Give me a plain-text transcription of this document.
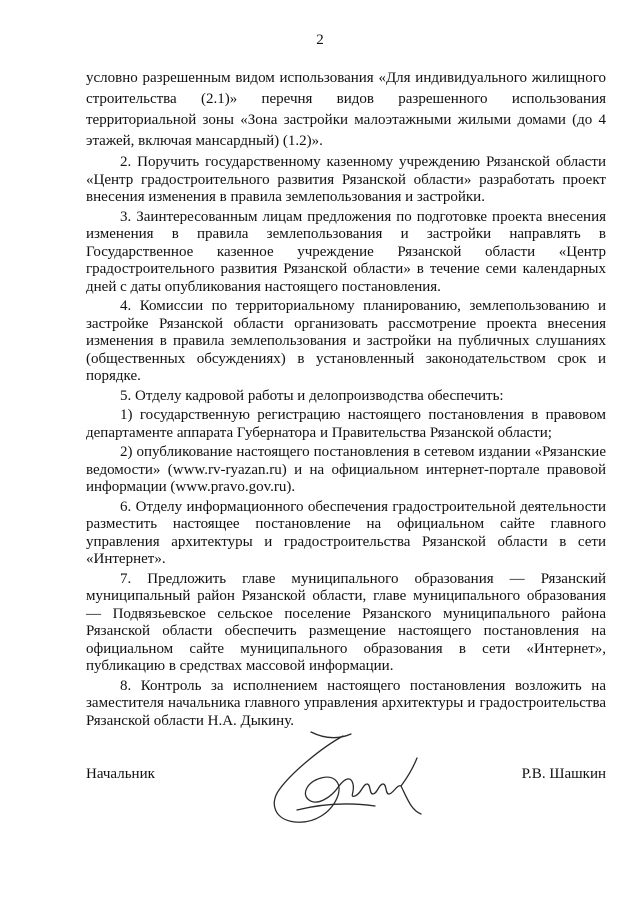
2

условно разрешенным видом использования «Для индивидуального жилищного строительства (2.1)» перечня видов разрешенного использования территориальной зоны «Зона застройки малоэтажными жилыми домами (до 4 этажей, включая мансардный) (1.2)».

2. Поручить государственному казенному учреждению Рязанской области «Центр градостроительного развития Рязанской области» разработать проект внесения изменения в правила землепользования и застройки.

3. Заинтересованным лицам предложения по подготовке проекта внесения изменения в правила землепользования и застройки направлять в Государственное казенное учреждение Рязанской области «Центр градостроительного развития Рязанской области» в течение семи календарных дней с даты опубликования настоящего постановления.

4. Комиссии по территориальному планированию, землепользованию и застройке Рязанской области организовать рассмотрение проекта внесения изменения в правила землепользования и застройки на публичных слушаниях (общественных обсуждениях) в установленный законодательством срок и порядке.

5. Отделу кадровой работы и делопроизводства обеспечить:

1) государственную регистрацию настоящего постановления в правовом департаменте аппарата Губернатора и Правительства Рязанской области;

2) опубликование настоящего постановления в сетевом издании «Рязанские ведомости» (www.rv-ryazan.ru) и на официальном интернет-портале правовой информации (www.pravo.gov.ru).

6. Отделу информационного обеспечения градостроительной деятельности разместить настоящее постановление на официальном сайте главного управления архитектуры и градостроительства Рязанской области в сети «Интернет».

7. Предложить главе муниципального образования — Рязанский муниципальный район Рязанской области, главе муниципального образования — Подвязьевское сельское поселение Рязанского муниципального района Рязанской области обеспечить размещение настоящего постановления на официальном сайте муниципального образования в сети «Интернет», публикацию в средствах массовой информации.

8. Контроль за исполнением настоящего постановления возложить на заместителя начальника главного управления архитектуры и градостроительства Рязанской области Н.А. Дыкину.

Начальник	Р.В. Шашкин
